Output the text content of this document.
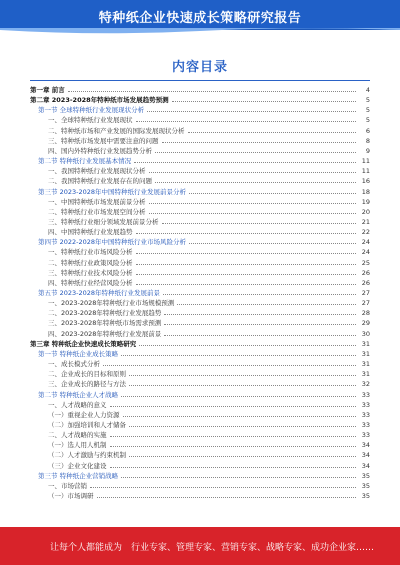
特种纸企业快速成长策略研究报告
内容目录
第一章 前言	4
第二章 2023-2028年特种纸市场发展趋势预测	5
第一节 全球特种纸行业发展现状分析	5
一、全球特种纸行业发展现状	5
二、特种纸市场和产业发展的国际发展现状分析	6
三、特种纸市场发展中需要注意的问题	8
四、国内外特种纸行业发展趋势分析	9
第二节 特种纸行业发展基本情况	11
一、我国特种纸行业发展现状分析	11
二、我国特种纸行业发展存在的问题	16
第三节 2023-2028年中国特种纸行业发展前景分析	18
一、中国特种纸市场发展前景分析	19
二、特种纸行业市场发展空间分析	20
三、特种纸行业细分领域发展前景分析	21
四、中国特种纸行业发展趋势	22
第四节 2022-2028年中国特种纸行业市场风险分析	24
一、特种纸行业市场风险分析	24
二、特种纸行业政策风险分析	25
三、特种纸行业技术风险分析	26
四、特种纸行业经营风险分析	26
第五节 2023-2028年特种纸行业发展前景	27
一、2023-2028年特种纸行业市场规模预测	27
二、2023-2028年特种纸行业发展趋势	28
三、2023-2028年特种纸市场需求预测	29
四、2023-2028年特种纸行业发展前景	30
第三章 特种纸企业快速成长策略研究	31
第一节 特种纸企业成长策略	31
一、成长模式分析	31
二、企业成长的目标和原则	31
三、企业成长的路径与方法	32
第二节 特种纸企业人才战略	33
一、人才战略的意义	33
（一）重视企业人力资源	33
（二）加强培训和人才储备	33
二、人才战略的实施	33
（一）选人用人机制	34
（二）人才激励与约束机制	34
（三）企业文化建设	34
第三节 特种纸企业营销战略	35
一、市场营销	35
（一）市场调研	35
让每个人都能成为 行业专家、管理专家、营销专家、战略专家、成功企业家……
